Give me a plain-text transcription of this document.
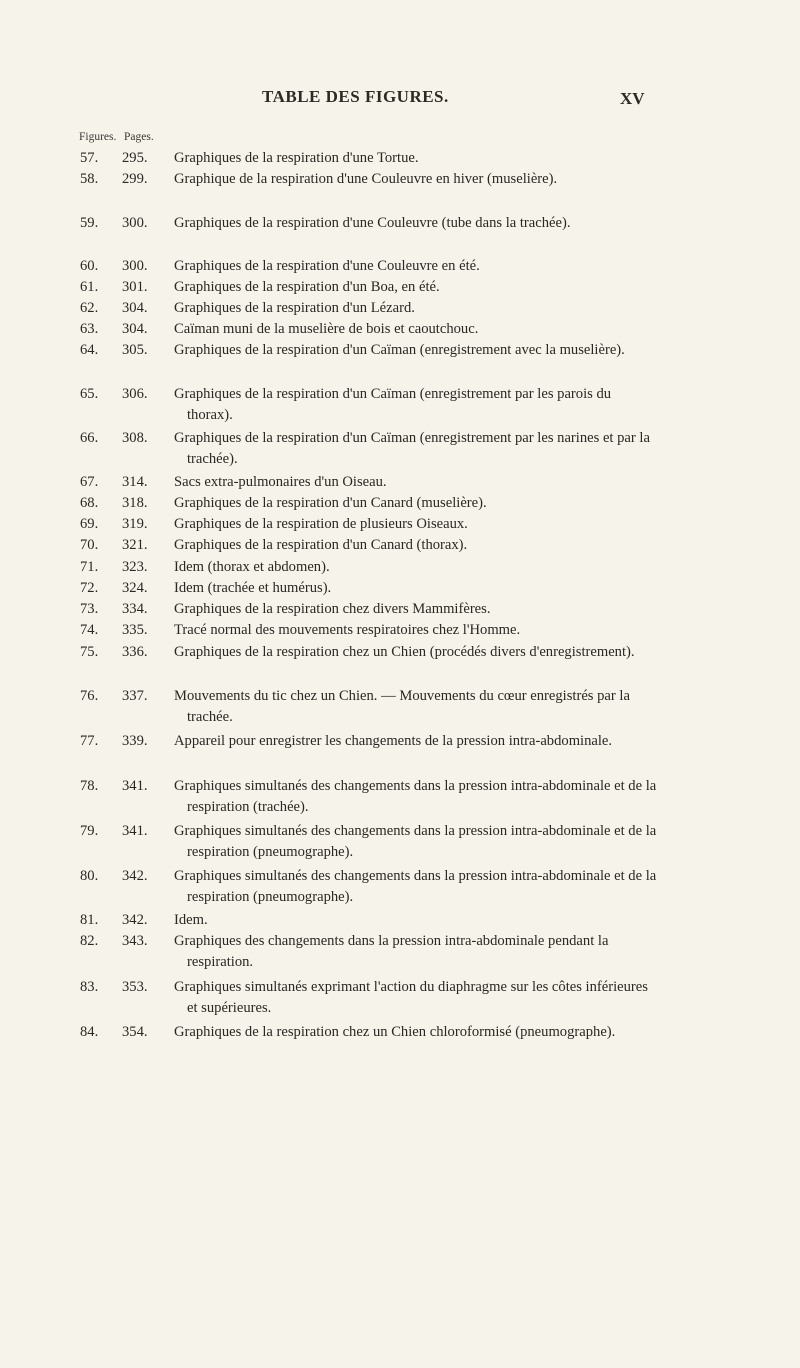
TABLE DES FIGURES.	XV
Figures. Pages.
57. 295. Graphiques de la respiration d'une Tortue.
58. 299. Graphique de la respiration d'une Couleuvre en hiver (muselière).
59. 300. Graphiques de la respiration d'une Couleuvre (tube dans la trachée).
60. 300. Graphiques de la respiration d'une Couleuvre en été.
61. 301. Graphiques de la respiration d'un Boa, en été.
62. 304. Graphiques de la respiration d'un Lézard.
63. 304. Caïman muni de la muselière de bois et caoutchouc.
64. 305. Graphiques de la respiration d'un Caïman (enregistrement avec la muselière).
65. 306. Graphiques de la respiration d'un Caïman (enregistrement par les parois du thorax).
66. 308. Graphiques de la respiration d'un Caïman (enregistrement par les narines et par la trachée).
67. 314. Sacs extra-pulmonaires d'un Oiseau.
68. 318. Graphiques de la respiration d'un Canard (muselière).
69. 319. Graphiques de la respiration de plusieurs Oiseaux.
70. 321. Graphiques de la respiration d'un Canard (thorax).
71. 323. Idem (thorax et abdomen).
72. 324. Idem (trachée et humérus).
73. 334. Graphiques de la respiration chez divers Mammifères.
74. 335. Tracé normal des mouvements respiratoires chez l'Homme.
75. 336. Graphiques de la respiration chez un Chien (procédés divers d'enregistrement).
76. 337. Mouvements du tic chez un Chien. — Mouvements du cœur enregistrés par la trachée.
77. 339. Appareil pour enregistrer les changements de la pression intra-abdominale.
78. 341. Graphiques simultanés des changements dans la pression intra-abdominale et de la respiration (trachée).
79. 341. Graphiques simultanés des changements dans la pression intra-abdominale et de la respiration (pneumographe).
80. 342. Graphiques simultanés des changements dans la pression intra-abdominale et de la respiration (pneumographe).
81. 342. Idem.
82. 343. Graphiques des changements dans la pression intra-abdominale pendant la respiration.
83. 353. Graphiques simultanés exprimant l'action du diaphragme sur les côtes inférieures et supérieures.
84. 354. Graphiques de la respiration chez un Chien chloroformisé (pneumographe).
